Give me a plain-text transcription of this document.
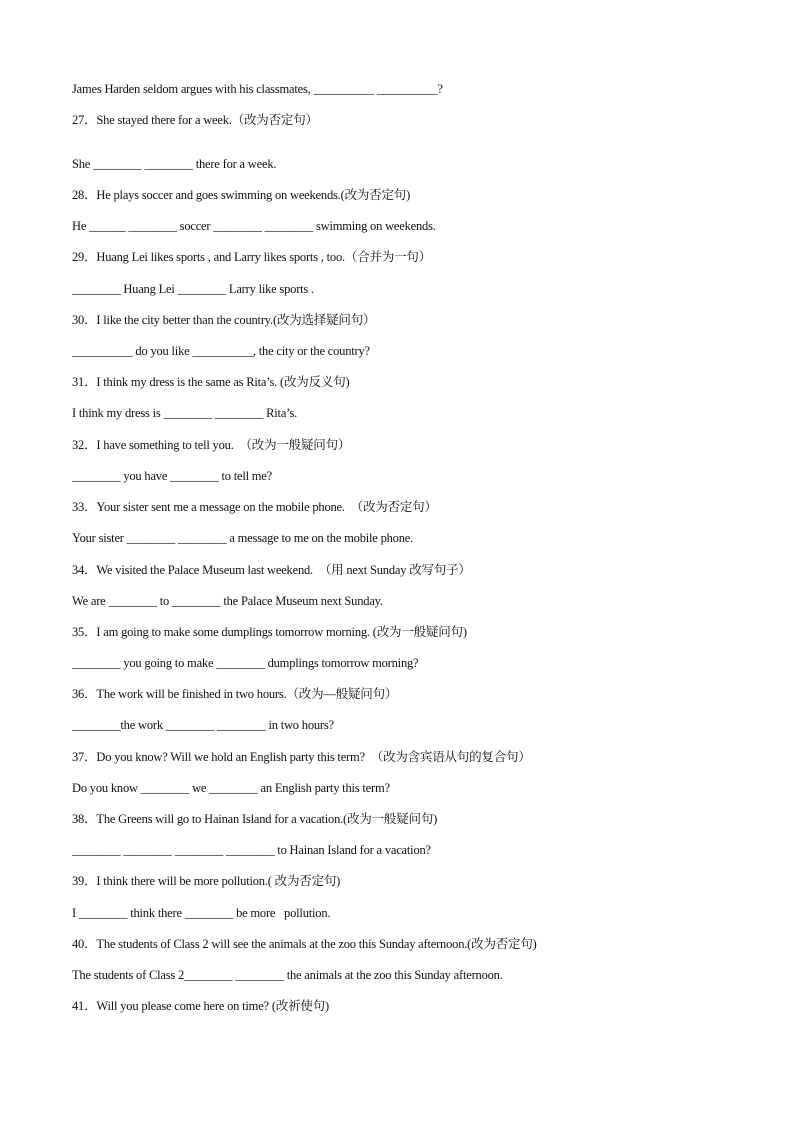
James Harden seldom argues with his classmates, __________ __________?
27．She stayed there for a week.（改为否定句）
She ________ ________ there for a week.
28．He plays soccer and goes swimming on weekends.(改为否定句)
He ______ ________ soccer ________ ________ swimming on weekends.
29．Huang Lei likes sports , and Larry likes sports , too.（合并为一句）
________ Huang Lei ________ Larry like sports .
30．I like the city better than the country.(改为选择疑问句）
__________ do you like __________, the city or the country?
31．I think my dress is the same as Rita’s. (改为反义句)
I think my dress is ________ ________ Rita’s.
32．I have something to tell you.  （改为一般疑问句）
________ you have ________ to tell me?
33．Your sister sent me a message on the mobile phone.  （改为否定句）
Your sister ________ ________ a message to me on the mobile phone.
34．We visited the Palace Museum last weekend.  （用 next Sunday 改写句子）
We are ________ to ________ the Palace Museum next Sunday.
35．I am going to make some dumplings tomorrow morning. (改为一般疑问句)
________ you going to make ________ dumplings tomorrow morning?
36．The work will be finished in two hours.（改为—般疑问句）
________the work ________ ________ in two hours?
37．Do you know? Will we hold an English party this term?  （改为含宾语从句的复合句）
Do you know ________ we ________ an English party this term?
38．The Greens will go to Hainan Island for a vacation.(改为一般疑问句)
________ ________ ________ ________ to Hainan Island for a vacation?
39．I think there will be more pollution.( 改为否定句)
I ________ think there ________ be more   pollution.
40．The students of Class 2 will see the animals at the zoo this Sunday afternoon.(改为否定句)
The students of Class 2________ ________ the animals at the zoo this Sunday afternoon.
41．Will you please come here on time? (改祈使句)
